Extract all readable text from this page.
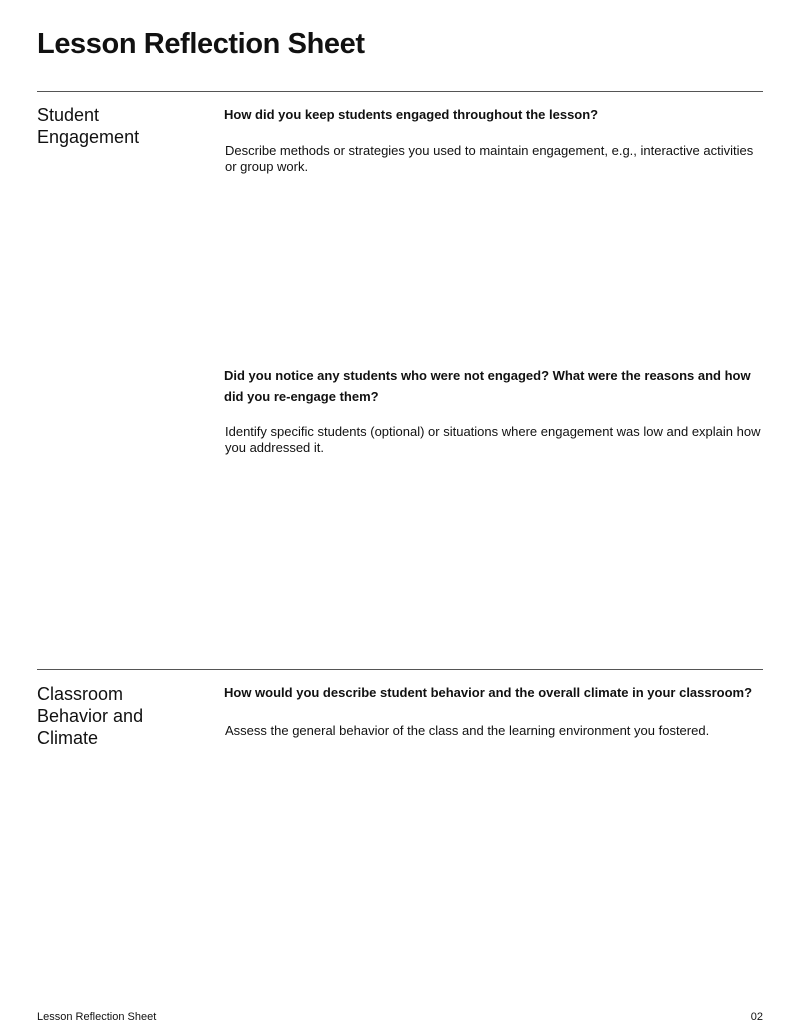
Lesson Reflection Sheet
Student Engagement

How did you keep students engaged throughout the lesson?

Describe methods or strategies you used to maintain engagement, e.g., interactive activities or group work.

Did you notice any students who were not engaged? What were the reasons and how did you re-engage them?

Identify specific students (optional) or situations where engagement was low and explain how you addressed it.

Classroom Behavior and Climate

How would you describe student behavior and the overall climate in your classroom?

Assess the general behavior of the class and the learning environment you fostered.

Lesson Reflection Sheet	02
